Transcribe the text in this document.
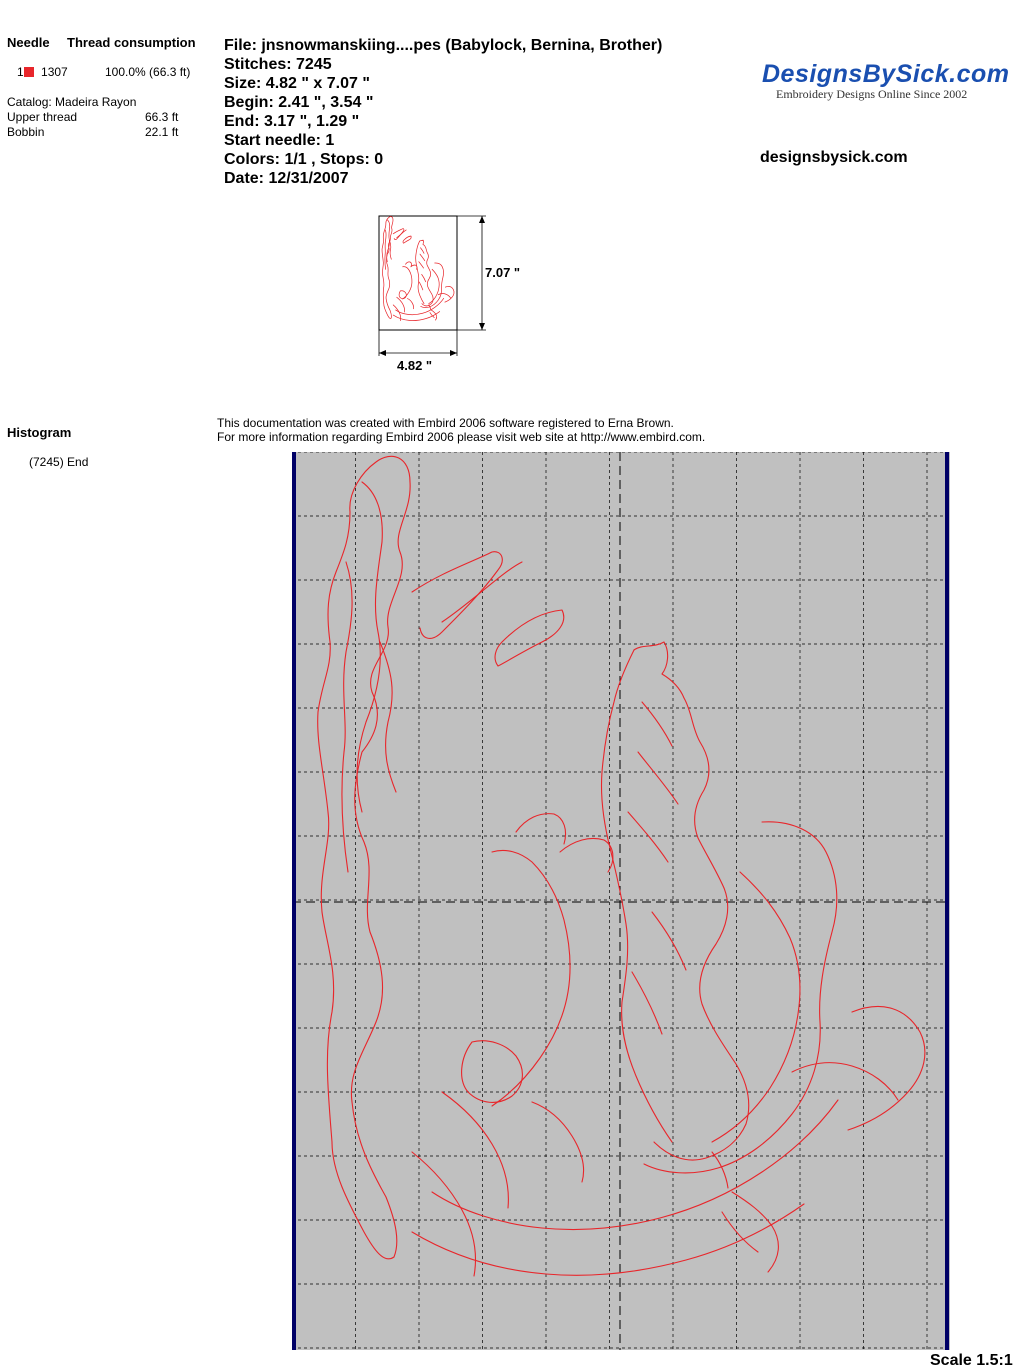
Needle Thread consumption
1 1307	100.0% (66.3 ft)
Catalog: Madeira Rayon
Upper thread	66.3 ft
Bobbin	22.1 ft
File: jnsnowmanskiing....pes (Babylock, Bernina, Brother)
Stitches: 7245
Size: 4.82 " x 7.07 "
Begin: 2.41 ", 3.54 "
End: 3.17 ", 1.29 "
Start needle: 1
Colors: 1/1 , Stops: 0
Date: 12/31/2007
DesignsBySick.com
Embroidery Designs Online Since 2002
designsbysick.com
7.07 "
4.82 "
Histogram
(7245) End
This documentation was created with Embird 2006 software registered to Erna Brown.
For more information regarding Embird 2006 please visit web site at http://www.embird.com.
Scale 1.5:1
